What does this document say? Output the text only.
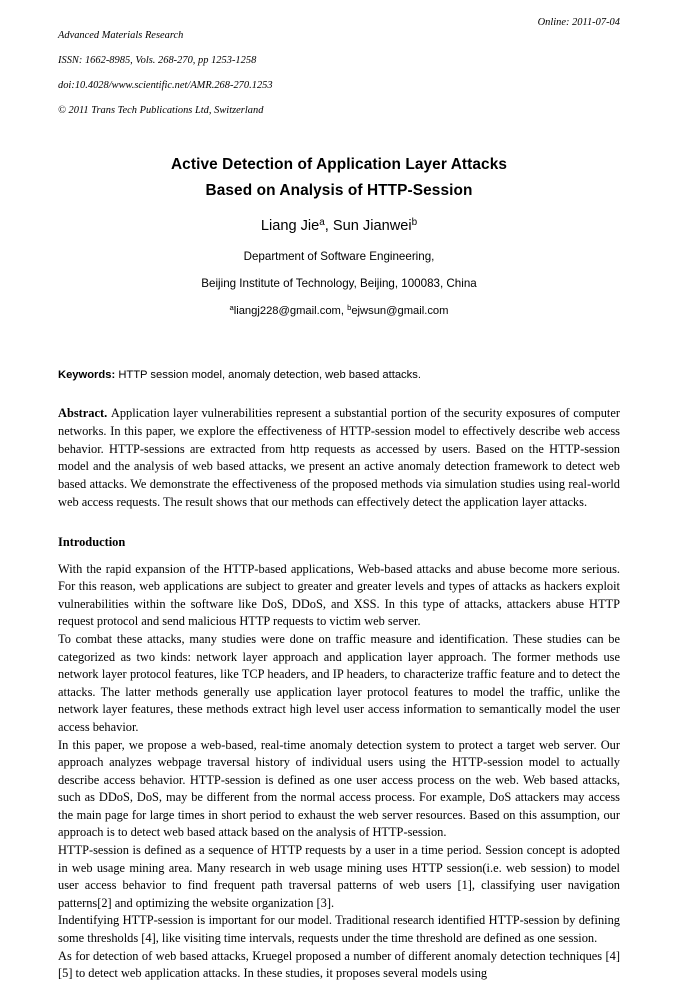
Advanced Materials Research

ISSN: 1662-8985, Vols. 268-270, pp 1253-1258

doi:10.4028/www.scientific.net/AMR.268-270.1253

© 2011 Trans Tech Publications Ltd, Switzerland

Online: 2011-07-04
Active Detection of Application Layer Attacks
Based on Analysis of HTTP-Session
Liang Jie$^a$, Sun Jianwei$^b$
Department of Software Engineering,
Beijing Institute of Technology, Beijing, 100083, China
$^a$liangj228@gmail.com, $^b$ejwsun@gmail.com
Keywords: HTTP session model, anomaly detection, web based attacks.
Abstract. Application layer vulnerabilities represent a substantial portion of the security exposures of computer networks. In this paper, we explore the effectiveness of HTTP-session model to effectively describe web access behavior. HTTP-sessions are extracted from http requests as accessed by users. Based on the HTTP-session model and the analysis of web based attacks, we present an active anomaly detection framework to detect web based attacks. We demonstrate the effectiveness of the proposed methods via simulation studies using real-world web access requests. The result shows that our methods can effectively detect the application layer attacks.
Introduction

With the rapid expansion of the HTTP-based applications, Web-based attacks and abuse become more serious. For this reason, web applications are subject to greater and greater levels and types of attacks as hackers exploit vulnerabilities within the software like DoS, DDoS, and XSS. In this type of attacks, attackers abuse HTTP request protocol and send malicious HTTP requests to victim web server.

To combat these attacks, many studies were done on traffic measure and identification. These studies can be categorized as two kinds: network layer approach and application layer approach. The former methods use network layer protocol features, like TCP headers, and IP headers, to characterize traffic feature and to detect the attacks. The latter methods generally use application layer protocol features to model the traffic, unlike the network layer features, these methods extract high level user access information to semantically model the user access behavior.

In this paper, we propose a web-based, real-time anomaly detection system to protect a target web server. Our approach analyzes webpage traversal history of individual users using the HTTP-session model to actually describe access behavior. HTTP-session is defined as one user access process on the web. Web based attacks, such as DDoS, DoS, may be different from the normal access process. For example, DoS attackers may access the main page for large times in short period to exhaust the web server resources. Based on this assumption, our approach is to detect web based attack based on the analysis of HTTP-session.

HTTP-session is defined as a sequence of HTTP requests by a user in a time period. Session concept is adopted in web usage mining area. Many research in web usage mining uses HTTP session(i.e. web session) to model user access behavior to find frequent path traversal patterns of web users [1], classifying user navigation patterns[2] and optimizing the website organization [3].

Indentifying HTTP-session is important for our model. Traditional research identified HTTP-session by defining some thresholds [4], like visiting time intervals, requests under the time threshold are defined as one session.

As for detection of web based attacks, Kruegel proposed a number of different anomaly detection techniques [4] [5] to detect web application attacks. In these studies, it proposes several models using
